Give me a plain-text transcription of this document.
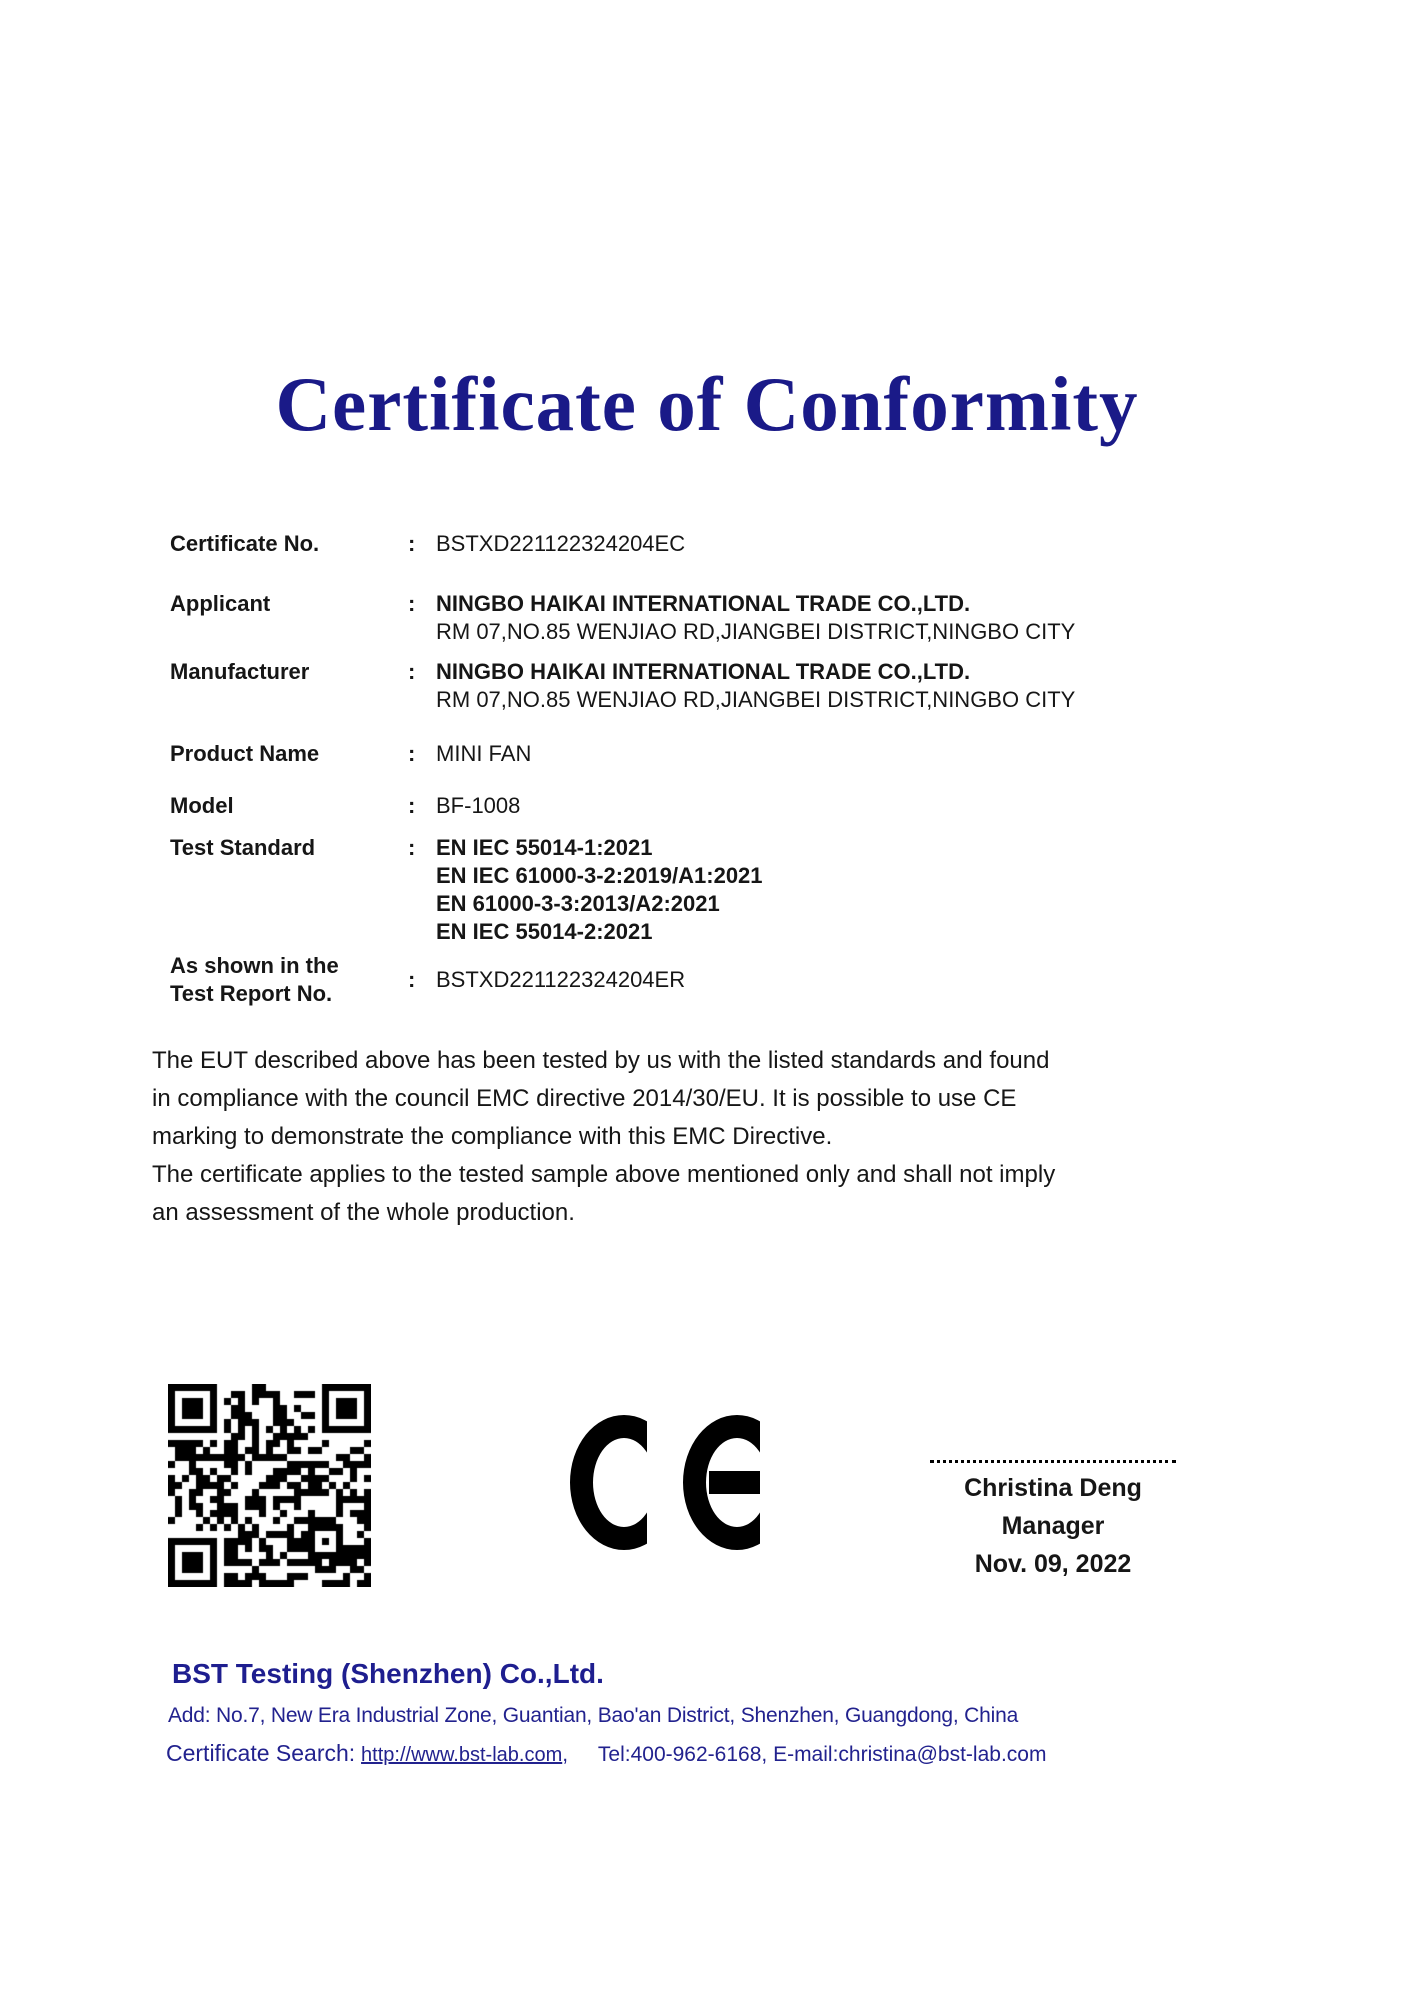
Certificate of Conformity
Certificate No.	: BSTXD221122324204EC
Applicant	: NINGBO HAIKAI INTERNATIONAL TRADE CO.,LTD.
RM 07,NO.85 WENJIAO RD,JIANGBEI DISTRICT,NINGBO CITY
Manufacturer	: NINGBO HAIKAI INTERNATIONAL TRADE CO.,LTD.
RM 07,NO.85 WENJIAO RD,JIANGBEI DISTRICT,NINGBO CITY
Product Name	: MINI FAN
Model	: BF-1008
Test Standard	: EN IEC 55014-1:2021
EN IEC 61000-3-2:2019/A1:2021
EN 61000-3-3:2013/A2:2021
EN IEC 55014-2:2021
As shown in the
Test Report No.
: BSTXD221122324204ER
The EUT described above has been tested by us with the listed standards and found
in compliance with the council EMC directive 2014/30/EU. It is possible to use CE
marking to demonstrate the compliance with this EMC Directive.
The certificate applies to the tested sample above mentioned only and shall not imply
an assessment of the whole production.
Christina Deng
Manager
Nov. 09, 2022
BST Testing (Shenzhen) Co.,Ltd.
Add: No.7, New Era Industrial Zone, Guantian, Bao'an District, Shenzhen, Guangdong, China
Certificate Search: http://www.bst-lab.com, Tel:400-962-6168, E-mail:christina@bst-lab.com
